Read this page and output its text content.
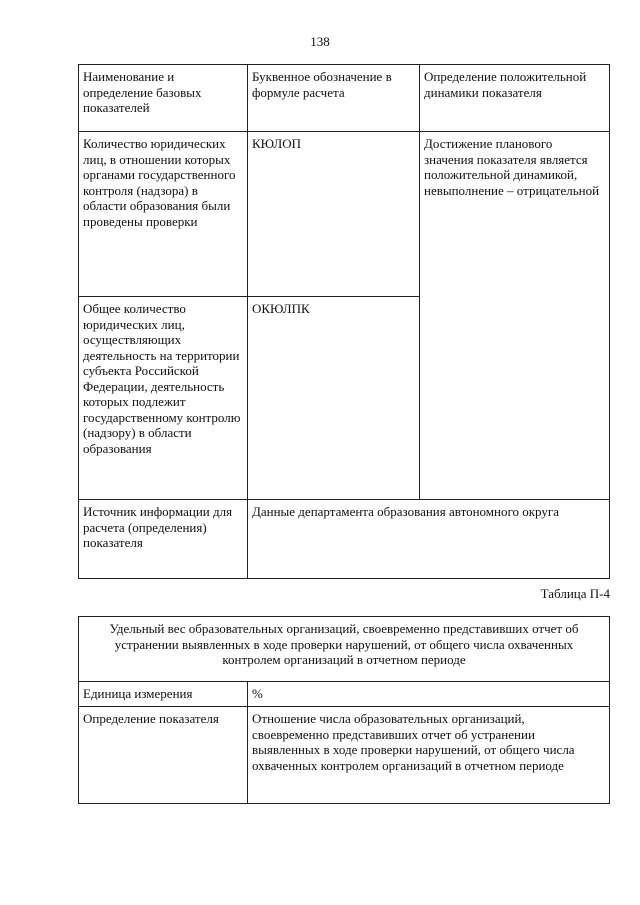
138
Наименование и определение базовых показателей	Буквенное обозначение в формуле расчета	Определение положительной динамики показателя
Количество юридических лиц, в отношении которых органами государственного контроля (надзора) в области образования были проведены проверки	КЮЛОП	Достижение планового значения показателя является положительной динамикой, невыполнение – отрицательной
Общее количество юридических лиц, осуществляющих деятельность на территории субъекта Российской Федерации, деятельность которых подлежит государственному контролю (надзору) в области образования	ОКЮЛПК	
Источник информации для расчета (определения) показателя	Данные департамента образования автономного округа	
Таблица П-4
Удельный вес образовательных организаций, своевременно представивших отчет об устранении выявленных в ходе проверки нарушений, от общего числа охваченных контролем организаций в отчетном периоде	
Единица измерения	%
Определение показателя	Отношение числа образовательных организаций, своевременно представивших отчет об устранении выявленных в ходе проверки нарушений, от общего числа охваченных контролем организаций в отчетном периоде
